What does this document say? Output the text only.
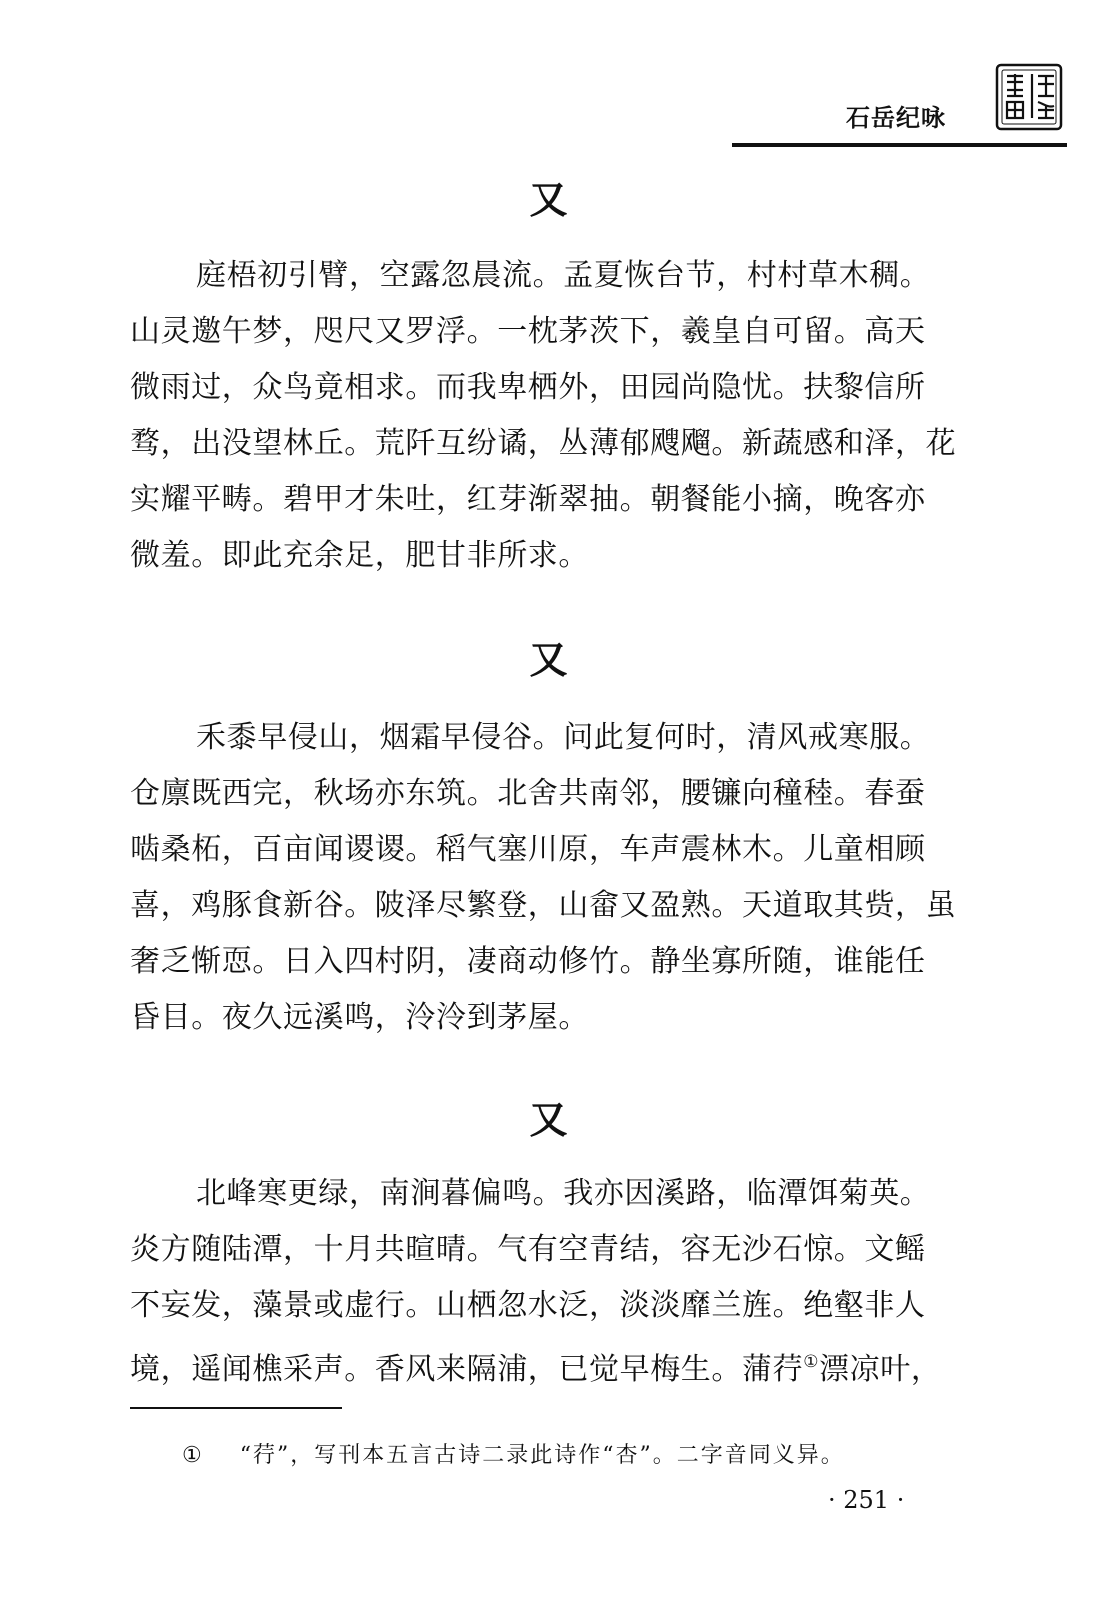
石岳纪咏
又
庭梧初引臂，空露忽晨流。孟夏恢台节，村村草木稠。
山灵邀午梦，咫尺又罗浮。一枕茅茨下，羲皇自可留。高天
微雨过，众鸟竟相求。而我卑栖外，田园尚隐忧。扶黎信所
骛，出没望林丘。荒阡互纷谲，丛薄郁飕飗。新蔬感和泽，花
实耀平畴。碧甲才朱吐，红芽渐翠抽。朝餐能小摘，晚客亦
微羞。即此充余足，肥甘非所求。
又
禾黍早侵山，烟霜早侵谷。问此复何时，清风戒寒服。
仓廪既西完，秋场亦东筑。北舍共南邻，腰镰向穜稑。春蚕
啮桑柘，百亩闻谡谡。稻气塞川原，车声震林木。儿童相顾
喜，鸡豚食新谷。陂泽尽繁登，山畲又盈熟。天道取其赀，虽
奢乏惭恧。日入四村阴，凄商动修竹。静坐寡所随，谁能任
昏目。夜久远溪鸣，泠泠到茅屋。
又
北峰寒更绿，南涧暮偏鸣。我亦因溪路，临潭饵菊英。
炎方随陆潭，十月共暄晴。气有空青结，容无沙石惊。文鳐
不妄发，藻景或虚行。山栖忽水泛，淡淡靡兰旌。绝壑非人
境，遥闻樵采声。香风来隔浦，已觉早梅生。蒲荇①漂凉叶，
① “荇”，写刊本五言古诗二录此诗作“杏”。二字音同义异。
· 251 ·
